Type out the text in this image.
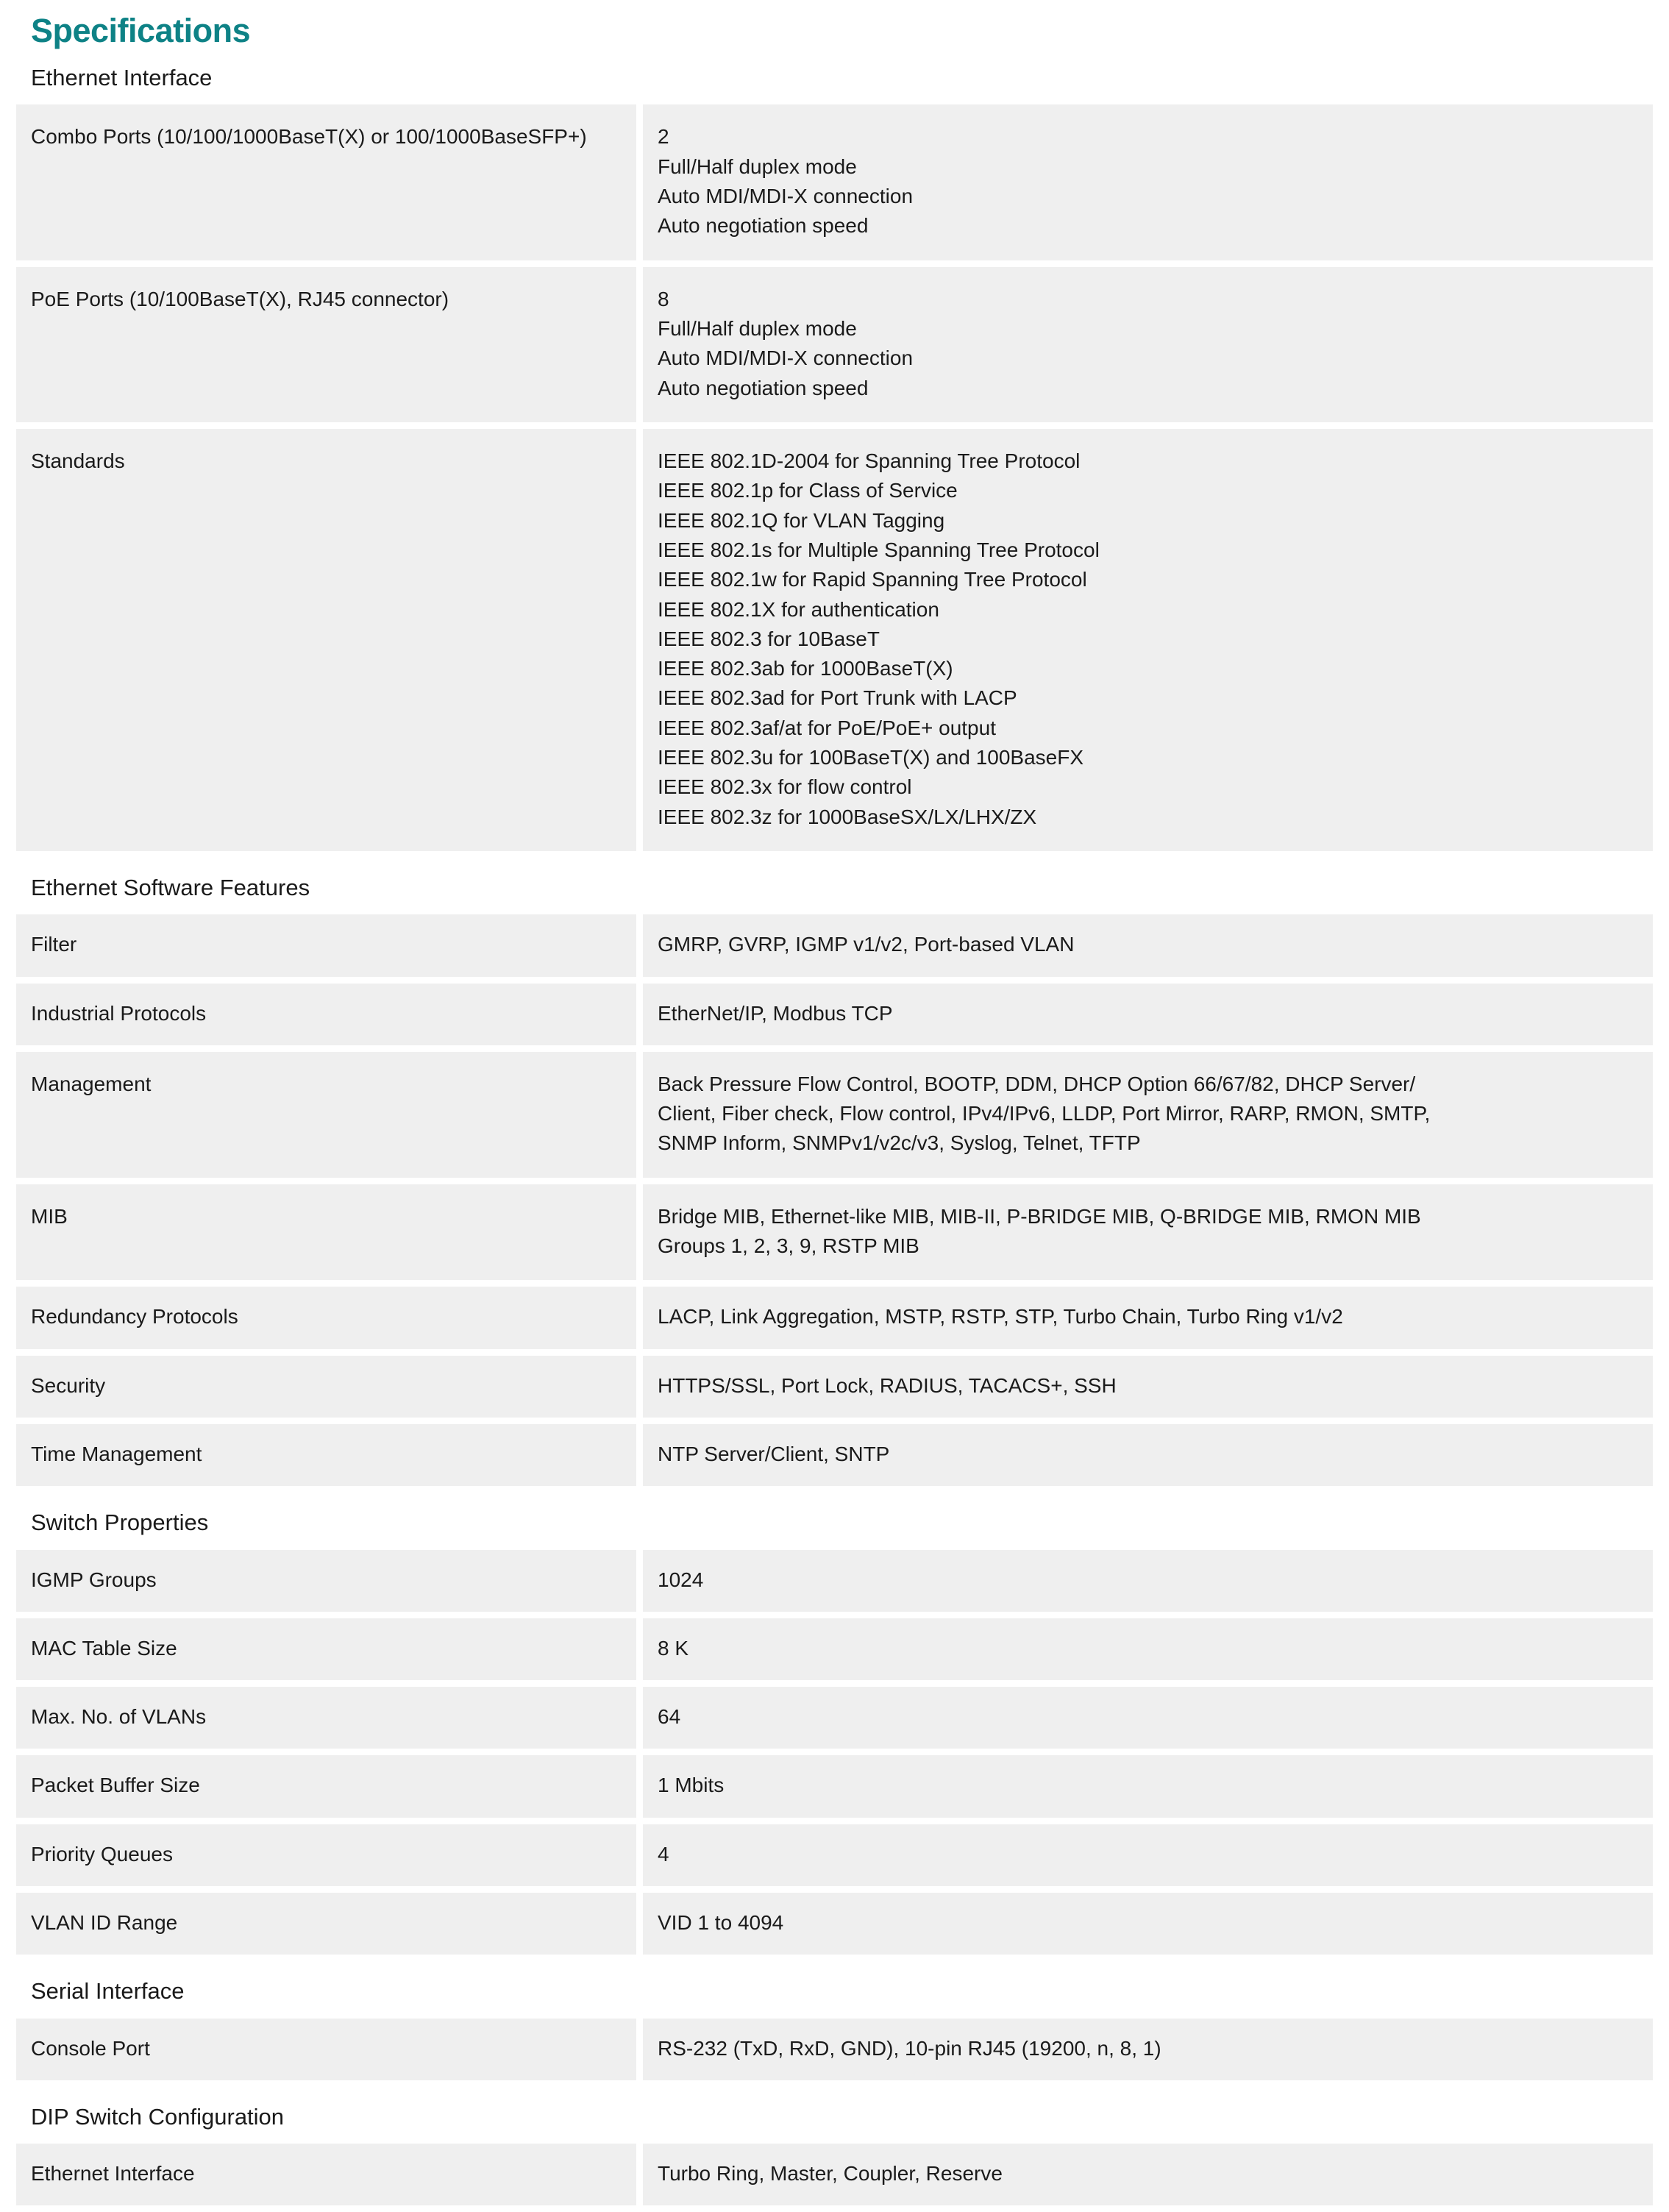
Specifications
Ethernet Interface
Combo Ports (10/100/1000BaseT(X) or 100/1000BaseSFP+)	2
Full/Half duplex mode
Auto MDI/MDI-X connection
Auto negotiation speed
PoE Ports (10/100BaseT(X), RJ45 connector)	8
Full/Half duplex mode
Auto MDI/MDI-X connection
Auto negotiation speed
Standards	IEEE 802.1D-2004 for Spanning Tree Protocol
IEEE 802.1p for Class of Service
IEEE 802.1Q for VLAN Tagging
IEEE 802.1s for Multiple Spanning Tree Protocol
IEEE 802.1w for Rapid Spanning Tree Protocol
IEEE 802.1X for authentication
IEEE 802.3 for 10BaseT
IEEE 802.3ab for 1000BaseT(X)
IEEE 802.3ad for Port Trunk with LACP
IEEE 802.3af/at for PoE/PoE+ output
IEEE 802.3u for 100BaseT(X) and 100BaseFX
IEEE 802.3x for flow control
IEEE 802.3z for 1000BaseSX/LX/LHX/ZX
Ethernet Software Features
Filter	GMRP, GVRP, IGMP v1/v2, Port-based VLAN
Industrial Protocols	EtherNet/IP, Modbus TCP
Management	Back Pressure Flow Control, BOOTP, DDM, DHCP Option 66/67/82, DHCP Server/
Client, Fiber check, Flow control, IPv4/IPv6, LLDP, Port Mirror, RARP, RMON, SMTP,
SNMP Inform, SNMPv1/v2c/v3, Syslog, Telnet, TFTP
MIB	Bridge MIB, Ethernet-like MIB, MIB-II, P-BRIDGE MIB, Q-BRIDGE MIB, RMON MIB
Groups 1, 2, 3, 9, RSTP MIB
Redundancy Protocols	LACP, Link Aggregation, MSTP, RSTP, STP, Turbo Chain, Turbo Ring v1/v2
Security	HTTPS/SSL, Port Lock, RADIUS, TACACS+, SSH
Time Management	NTP Server/Client, SNTP
Switch Properties
IGMP Groups	1024
MAC Table Size	8 K
Max. No. of VLANs	64
Packet Buffer Size	1 Mbits
Priority Queues	4
VLAN ID Range	VID 1 to 4094
Serial Interface
Console Port	RS-232 (TxD, RxD, GND), 10-pin RJ45 (19200, n, 8, 1)
DIP Switch Configuration
Ethernet Interface	Turbo Ring, Master, Coupler, Reserve
